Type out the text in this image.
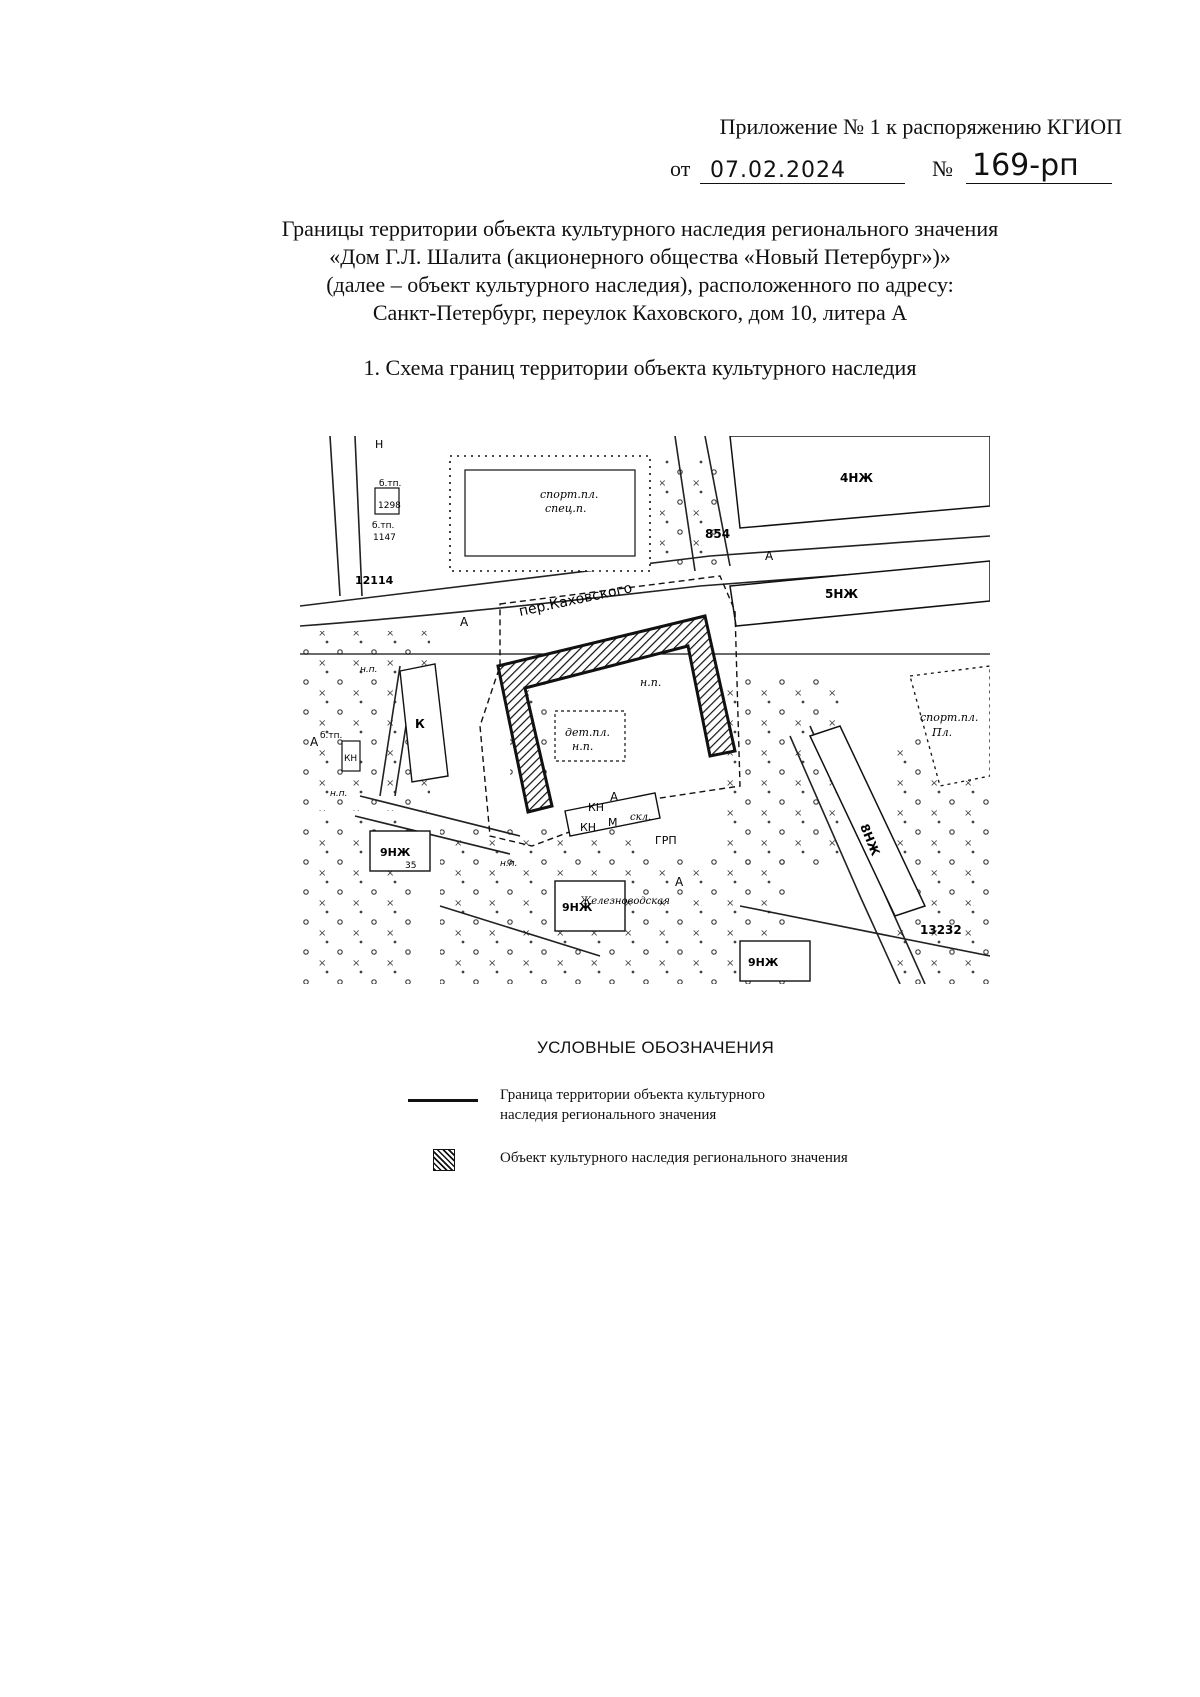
Приложение № 1 к распоряжению КГИОП
от 07.02.2024	№ 169-рп
Границы территории объекта культурного наследия регионального значения
«Дом Г.Л. Шалита (акционерного общества «Новый Петербург»)»
(далее – объект культурного наследия), расположенного по адресу:
Санкт-Петербург, переулок Каховского, дом 10, литера А
1. Схема границ территории объекта культурного наследия
спорт.пл.
спец.п.
5НЖ
4НЖ
854
спорт.пл.
Пл.
8НЖ
13232
дет.пл.
н.п.
н.п.
А
КН М скл.
КН
ГРП
К
9НЖ
35
9НЖ
Железноводская
9НЖ
б.тп.
1298
б.тп.
1147
12114
Н
б.тп.
КН
н.п.
н.п.
н.п.
А
А
А
А
пер.Каховского
УСЛОВНЫЕ ОБОЗНАЧЕНИЯ
Граница территории объекта культурного
наследия регионального значения
Объект культурного наследия регионального значения
